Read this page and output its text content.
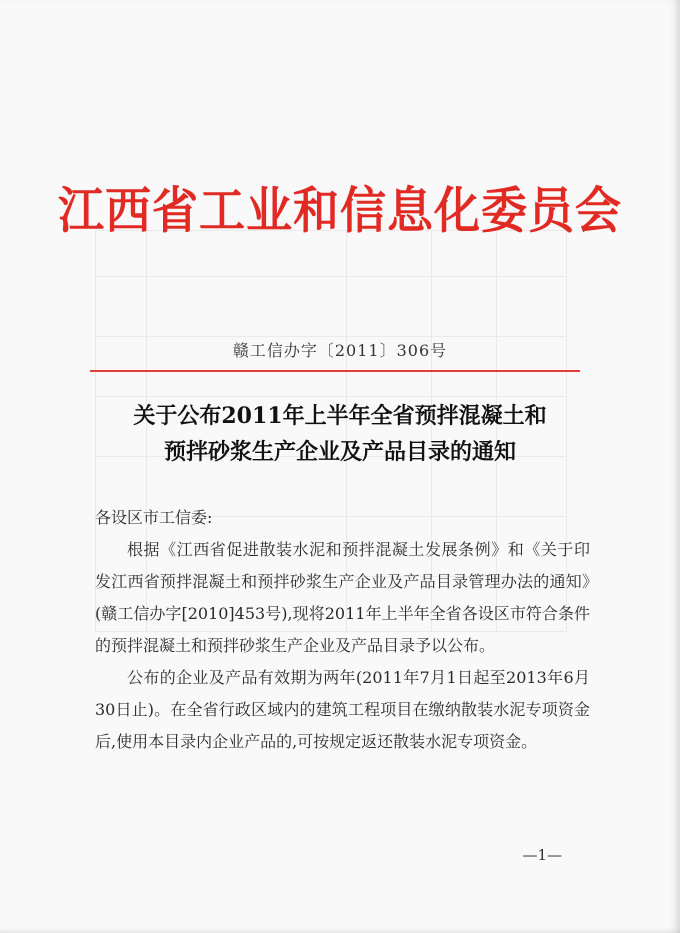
江西省工业和信息化委员会
赣工信办字〔2011〕306号
关于公布2011年上半年全省预拌混凝土和
预拌砂浆生产企业及产品目录的通知

各设区市工信委:

根据《江西省促进散装水泥和预拌混凝土发展条例》和《关于印发江西省预拌混凝土和预拌砂浆生产企业及产品目录管理办法的通知》(赣工信办字[2010]453号),现将2011年上半年全省各设区市符合条件的预拌混凝土和预拌砂浆生产企业及产品目录予以公布。

公布的企业及产品有效期为两年(2011年7月1日起至2013年6月30日止)。在全省行政区域内的建筑工程项目在缴纳散装水泥专项资金后,使用本目录内企业产品的,可按规定返还散装水泥专项资金。

—1—
